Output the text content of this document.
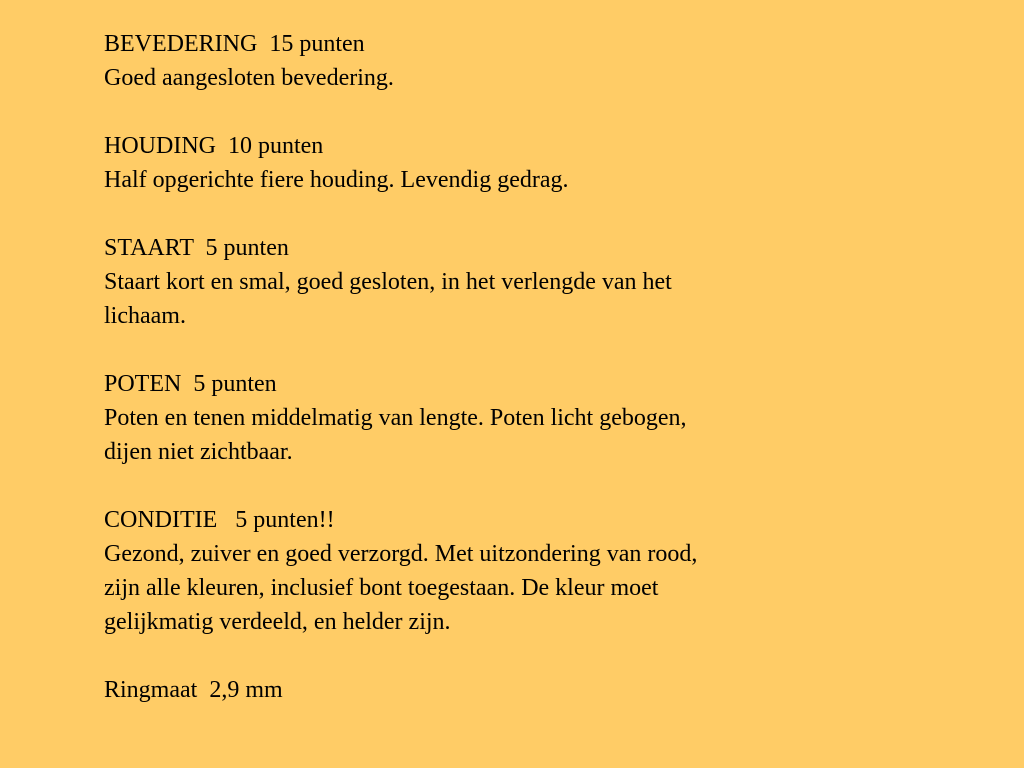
BEVEDERING  15 punten
Goed aangesloten bevedering.
HOUDING  10 punten
Half opgerichte fiere houding. Levendig gedrag.
STAART  5 punten
Staart kort en smal, goed gesloten, in het verlengde van het
lichaam.
POTEN  5 punten
Poten en tenen middelmatig van lengte. Poten licht gebogen,
dijen niet zichtbaar.
CONDITIE   5 punten!!
Gezond, zuiver en goed verzorgd. Met uitzondering van rood,
zijn alle kleuren, inclusief bont toegestaan. De kleur moet
gelijkmatig verdeeld, en helder zijn.
Ringmaat  2,9 mm
